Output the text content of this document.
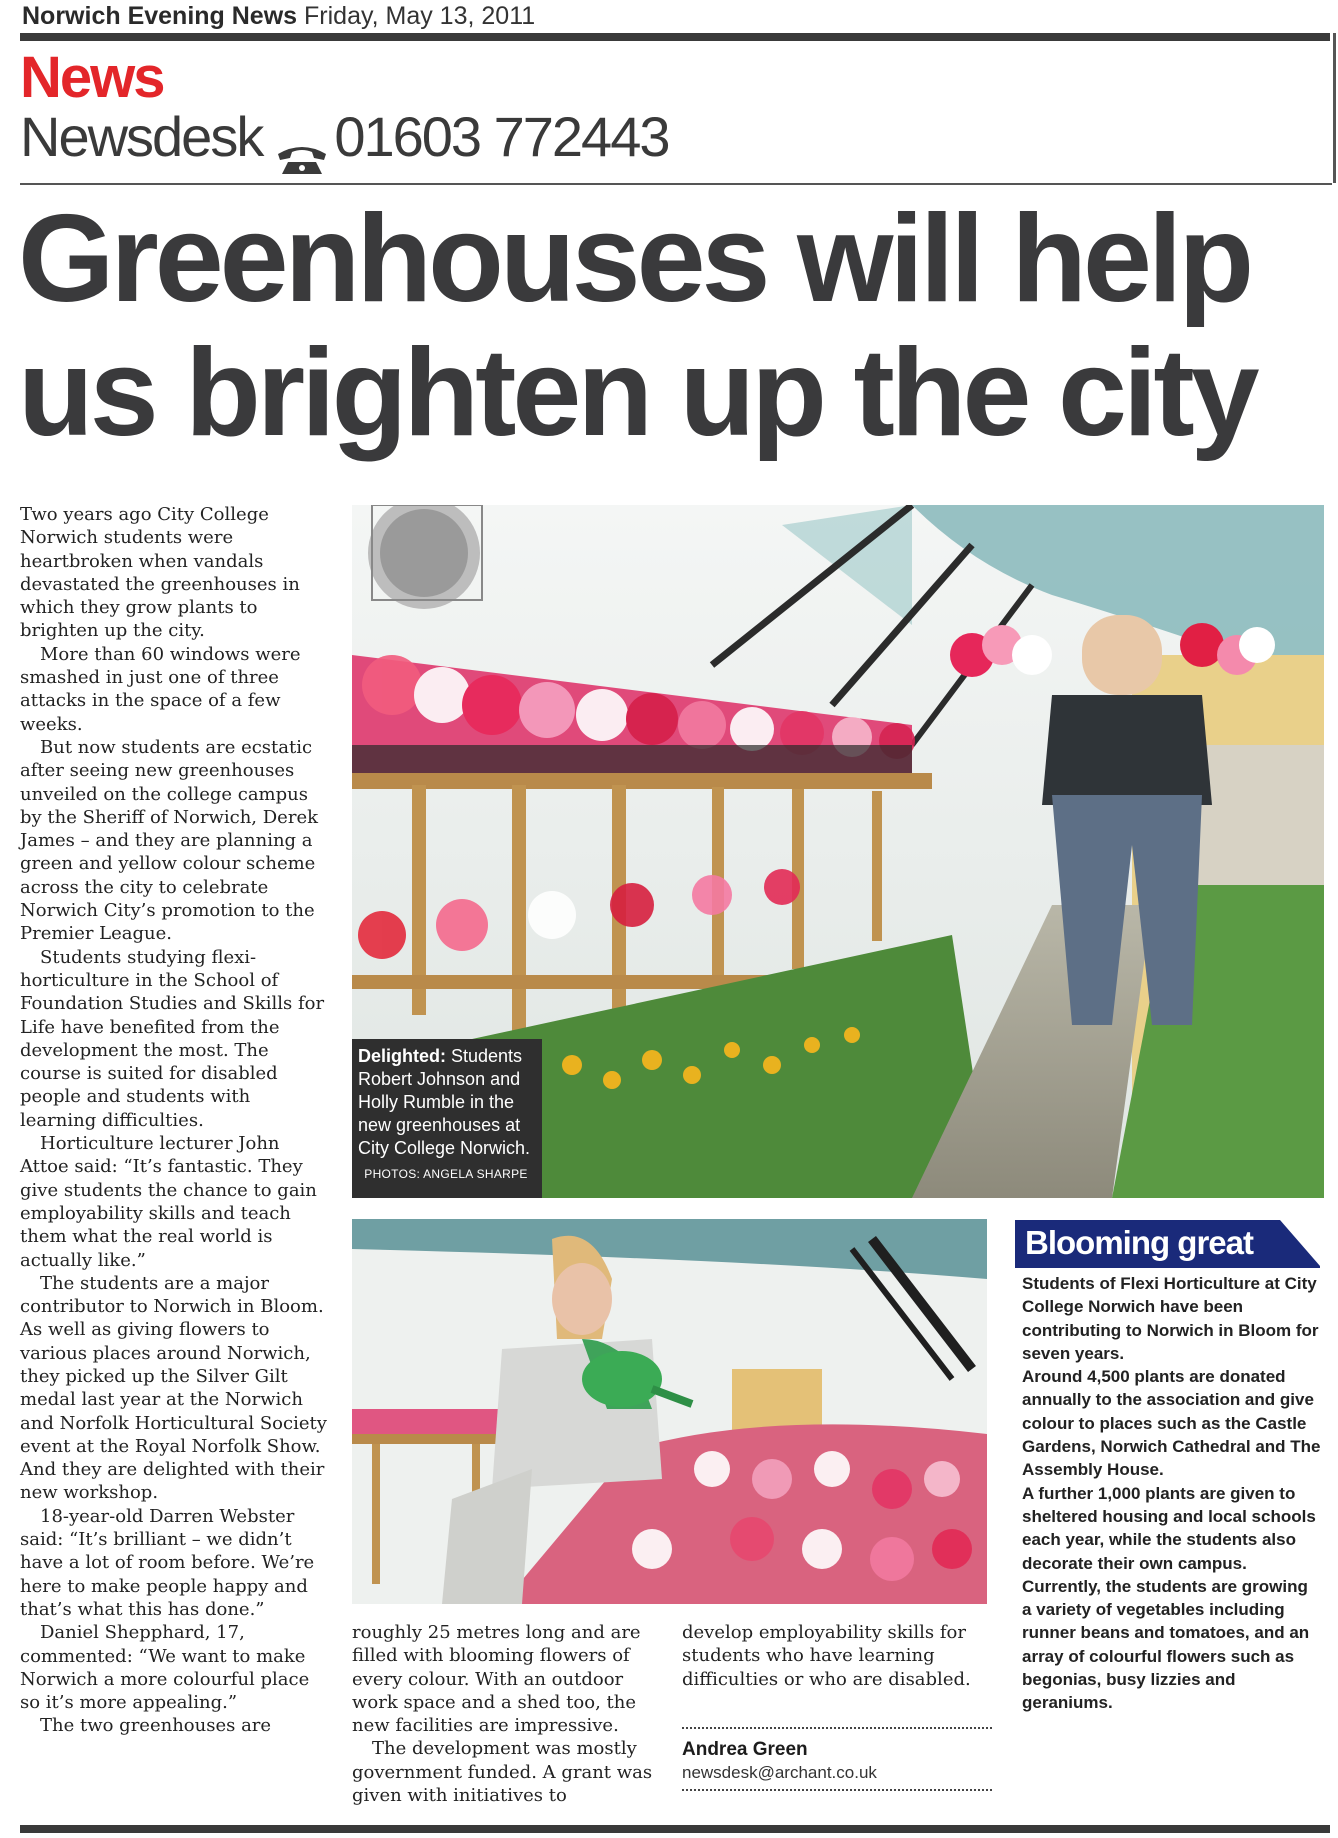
Norwich Evening News Friday, May 13, 2011
News
Newsdesk 01603 772443
Greenhouses will help
us brighten up the city

Two years ago City College Norwich students were heartbroken when vandals devastated the greenhouses in which they grow plants to brighten up the city.

More than 60 windows were smashed in just one of three attacks in the space of a few weeks.

But now students are ecstatic after seeing new greenhouses unveiled on the college campus by the Sheriff of Norwich, Derek James – and they are planning a green and yellow colour scheme across the city to celebrate Norwich City’s promotion to the Premier League.

Students studying flexi-horticulture in the School of Foundation Studies and Skills for Life have benefited from the development the most. The course is suited for disabled people and students with learning difficulties.

Horticulture lecturer John Attoe said: “It’s fantastic. They give students the chance to gain employability skills and teach them what the real world is actually like.”

The students are a major contributor to Norwich in Bloom. As well as giving flowers to various places around Norwich, they picked up the Silver Gilt medal last year at the Norwich and Norfolk Horticultural Society event at the Royal Norfolk Show. And they are delighted with their new workshop.

18-year-old Darren Webster said: “It’s brilliant – we didn’t have a lot of room before. We’re here to make people happy and that’s what this has done.”

Daniel Shepphard, 17, commented: “We want to make Norwich a more colourful place so it’s more appealing.”

The two greenhouses are

Delighted: Students Robert Johnson and Holly Rumble in the new greenhouses at City College Norwich.
PHOTOS: ANGELA SHARPE

roughly 25 metres long and are filled with blooming flowers of every colour. With an outdoor work space and a shed too, the new facilities are impressive.

The development was mostly government funded. A grant was given with initiatives to

develop employability skills for students who have learning difficulties or who are disabled.

Andrea Green
newsdesk@archant.co.uk
Blooming great

Students of Flexi Horticulture at City College Norwich have been contributing to Norwich in Bloom for seven years.

Around 4,500 plants are donated annually to the association and give colour to places such as the Castle Gardens, Norwich Cathedral and The Assembly House.

A further 1,000 plants are given to sheltered housing and local schools each year, while the students also decorate their own campus.

Currently, the students are growing a variety of vegetables including runner beans and tomatoes, and an array of colourful flowers such as begonias, busy lizzies and geraniums.
